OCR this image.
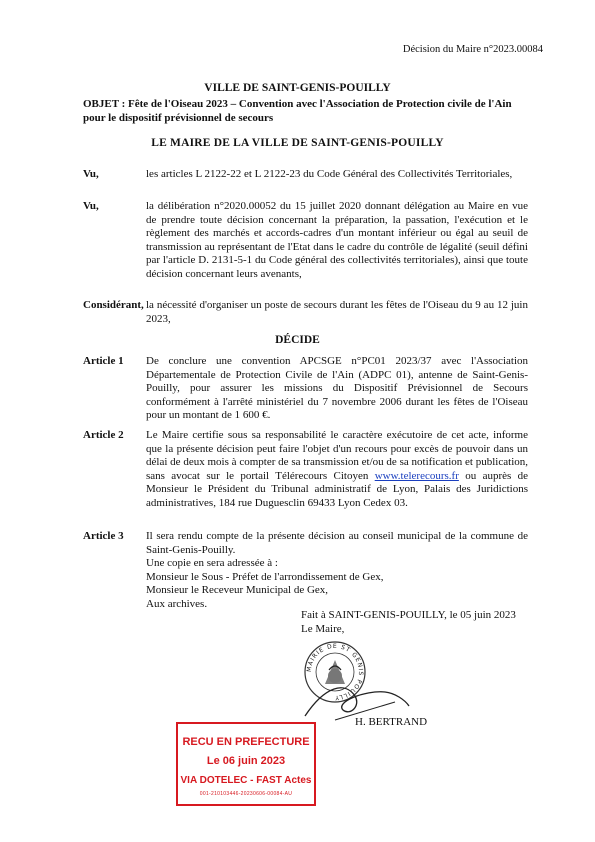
Décision du Maire n°2023.00084
VILLE DE SAINT-GENIS-POUILLY
OBJET : Fête de l'Oiseau 2023 – Convention avec l'Association de Protection civile de l'Ain pour le dispositif prévisionnel de secours
LE MAIRE DE LA VILLE DE SAINT-GENIS-POUILLY
Vu,	les articles L 2122-22 et L 2122-23 du Code Général des Collectivités Territoriales,
Vu,	la délibération n°2020.00052 du 15 juillet 2020 donnant délégation au Maire en vue de prendre toute décision concernant la préparation, la passation, l'exécution et le règlement des marchés et accords-cadres d'un montant inférieur ou égal au seuil de transmission au représentant de l'Etat dans le cadre du contrôle de légalité (seuil défini par l'article D. 2131-5-1 du Code général des collectivités territoriales), ainsi que toute décision concernant leurs avenants,
Considérant, la nécessité d'organiser un poste de secours durant les fêtes de l'Oiseau du 9 au 12 juin 2023,
DÉCIDE
Article 1 De conclure une convention APCSGE n°PC01 2023/37 avec l'Association Départementale de Protection Civile de l'Ain (ADPC 01), antenne de Saint-Genis-Pouilly, pour assurer les missions du Dispositif Prévisionnel de Secours conformément à l'arrêté ministériel du 7 novembre 2006 durant les fêtes de l'Oiseau pour un montant de 1 600 €.
Article 2 Le Maire certifie sous sa responsabilité le caractère exécutoire de cet acte, informe que la présente décision peut faire l'objet d'un recours pour excès de pouvoir dans un délai de deux mois à compter de sa transmission et/ou de sa notification et publication, sans avocat sur le portail Télérecours Citoyen www.telerecours.fr ou auprès de Monsieur le Président du Tribunal administratif de Lyon, Palais des Juridictions administratives, 184 rue Duguesclin 69433 Lyon Cedex 03.
Article 3 Il sera rendu compte de la présente décision au conseil municipal de la commune de Saint-Genis-Pouilly.
Une copie en sera adressée à :
Monsieur le Sous - Préfet de l'arrondissement de Gex,
Monsieur le Receveur Municipal de Gex,
Aux archives.
Fait à SAINT-GENIS-POUILLY, le 05 juin 2023
Le Maire,
MAIRIE DE ST GENIS POUILLY
H. BERTRAND
RECU EN PREFECTURE
Le 06 juin 2023
VIA DOTELEC - FAST Actes
001-210103446-20230606-00084-AU
